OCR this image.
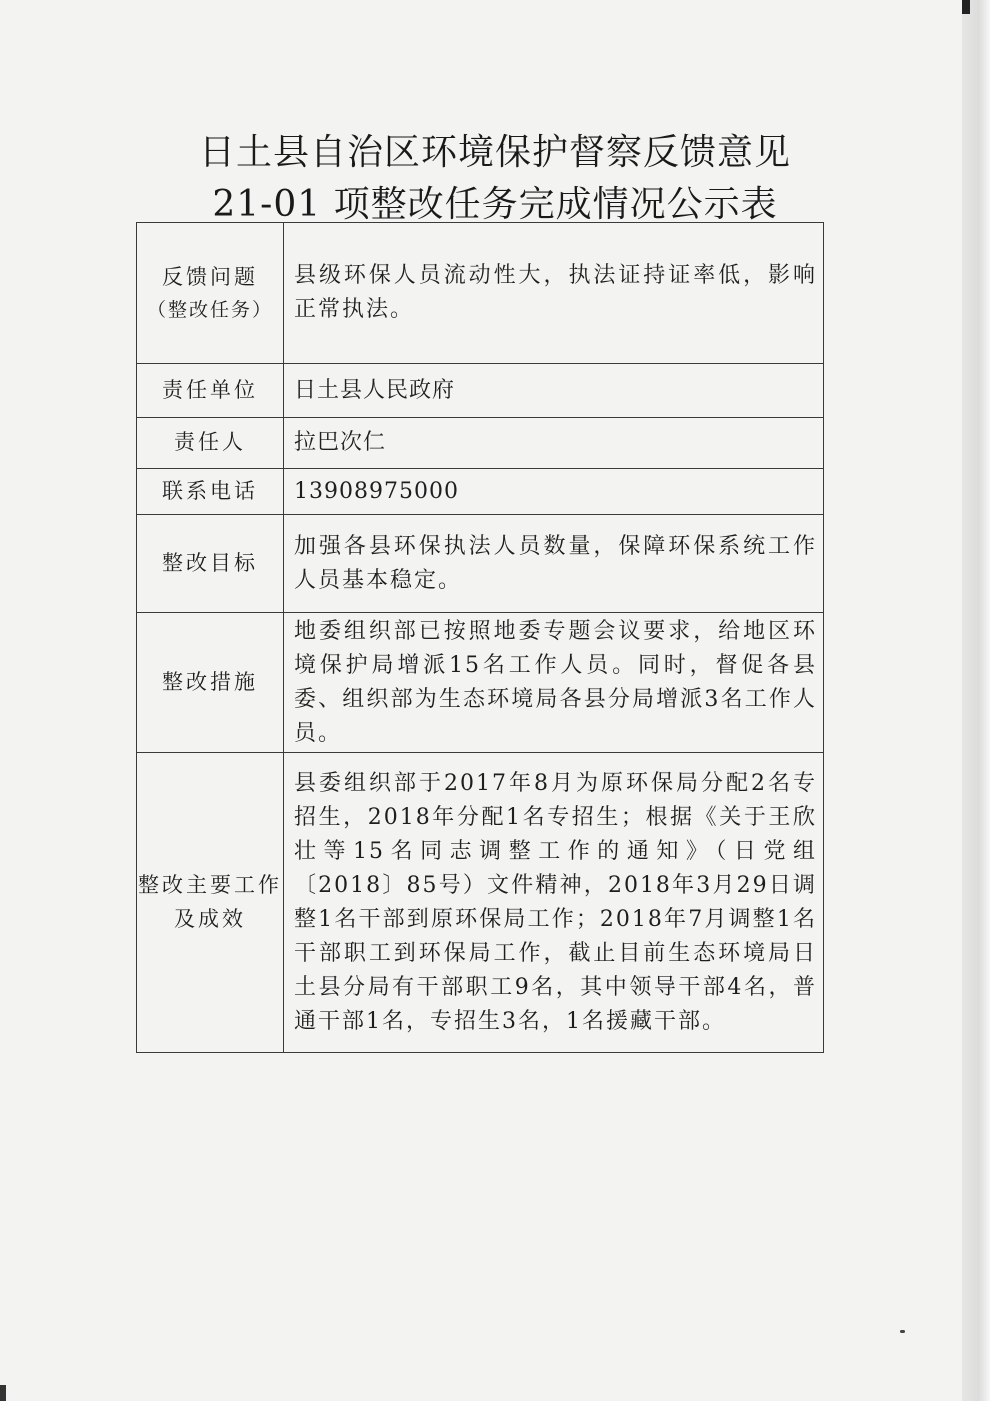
日土县自治区环境保护督察反馈意见
21-01 项整改任务完成情况公示表
反馈问题
（整改任务）	县级环保人员流动性大，执法证持证率低，影响正常执法。
责任单位	日土县人民政府
责任人	拉巴次仁
联系电话	13908975000
整改目标	加强各县环保执法人员数量，保障环保系统工作人员基本稳定。
整改措施	地委组织部已按照地委专题会议要求，给地区环境保护局增派15名工作人员。同时，督促各县委、组织部为生态环境局各县分局增派3名工作人员。
整改主要工作及成效	县委组织部于2017年8月为原环保局分配2名专招生，2018年分配1名专招生；根据《关于王欣壮等15名同志调整工作的通知》（日党组〔2018〕85号）文件精神，2018年3月29日调整1名干部到原环保局工作；2018年7月调整1名干部职工到环保局工作，截止目前生态环境局日土县分局有干部职工9名，其中领导干部4名，普通干部1名，专招生3名，1名援藏干部。
